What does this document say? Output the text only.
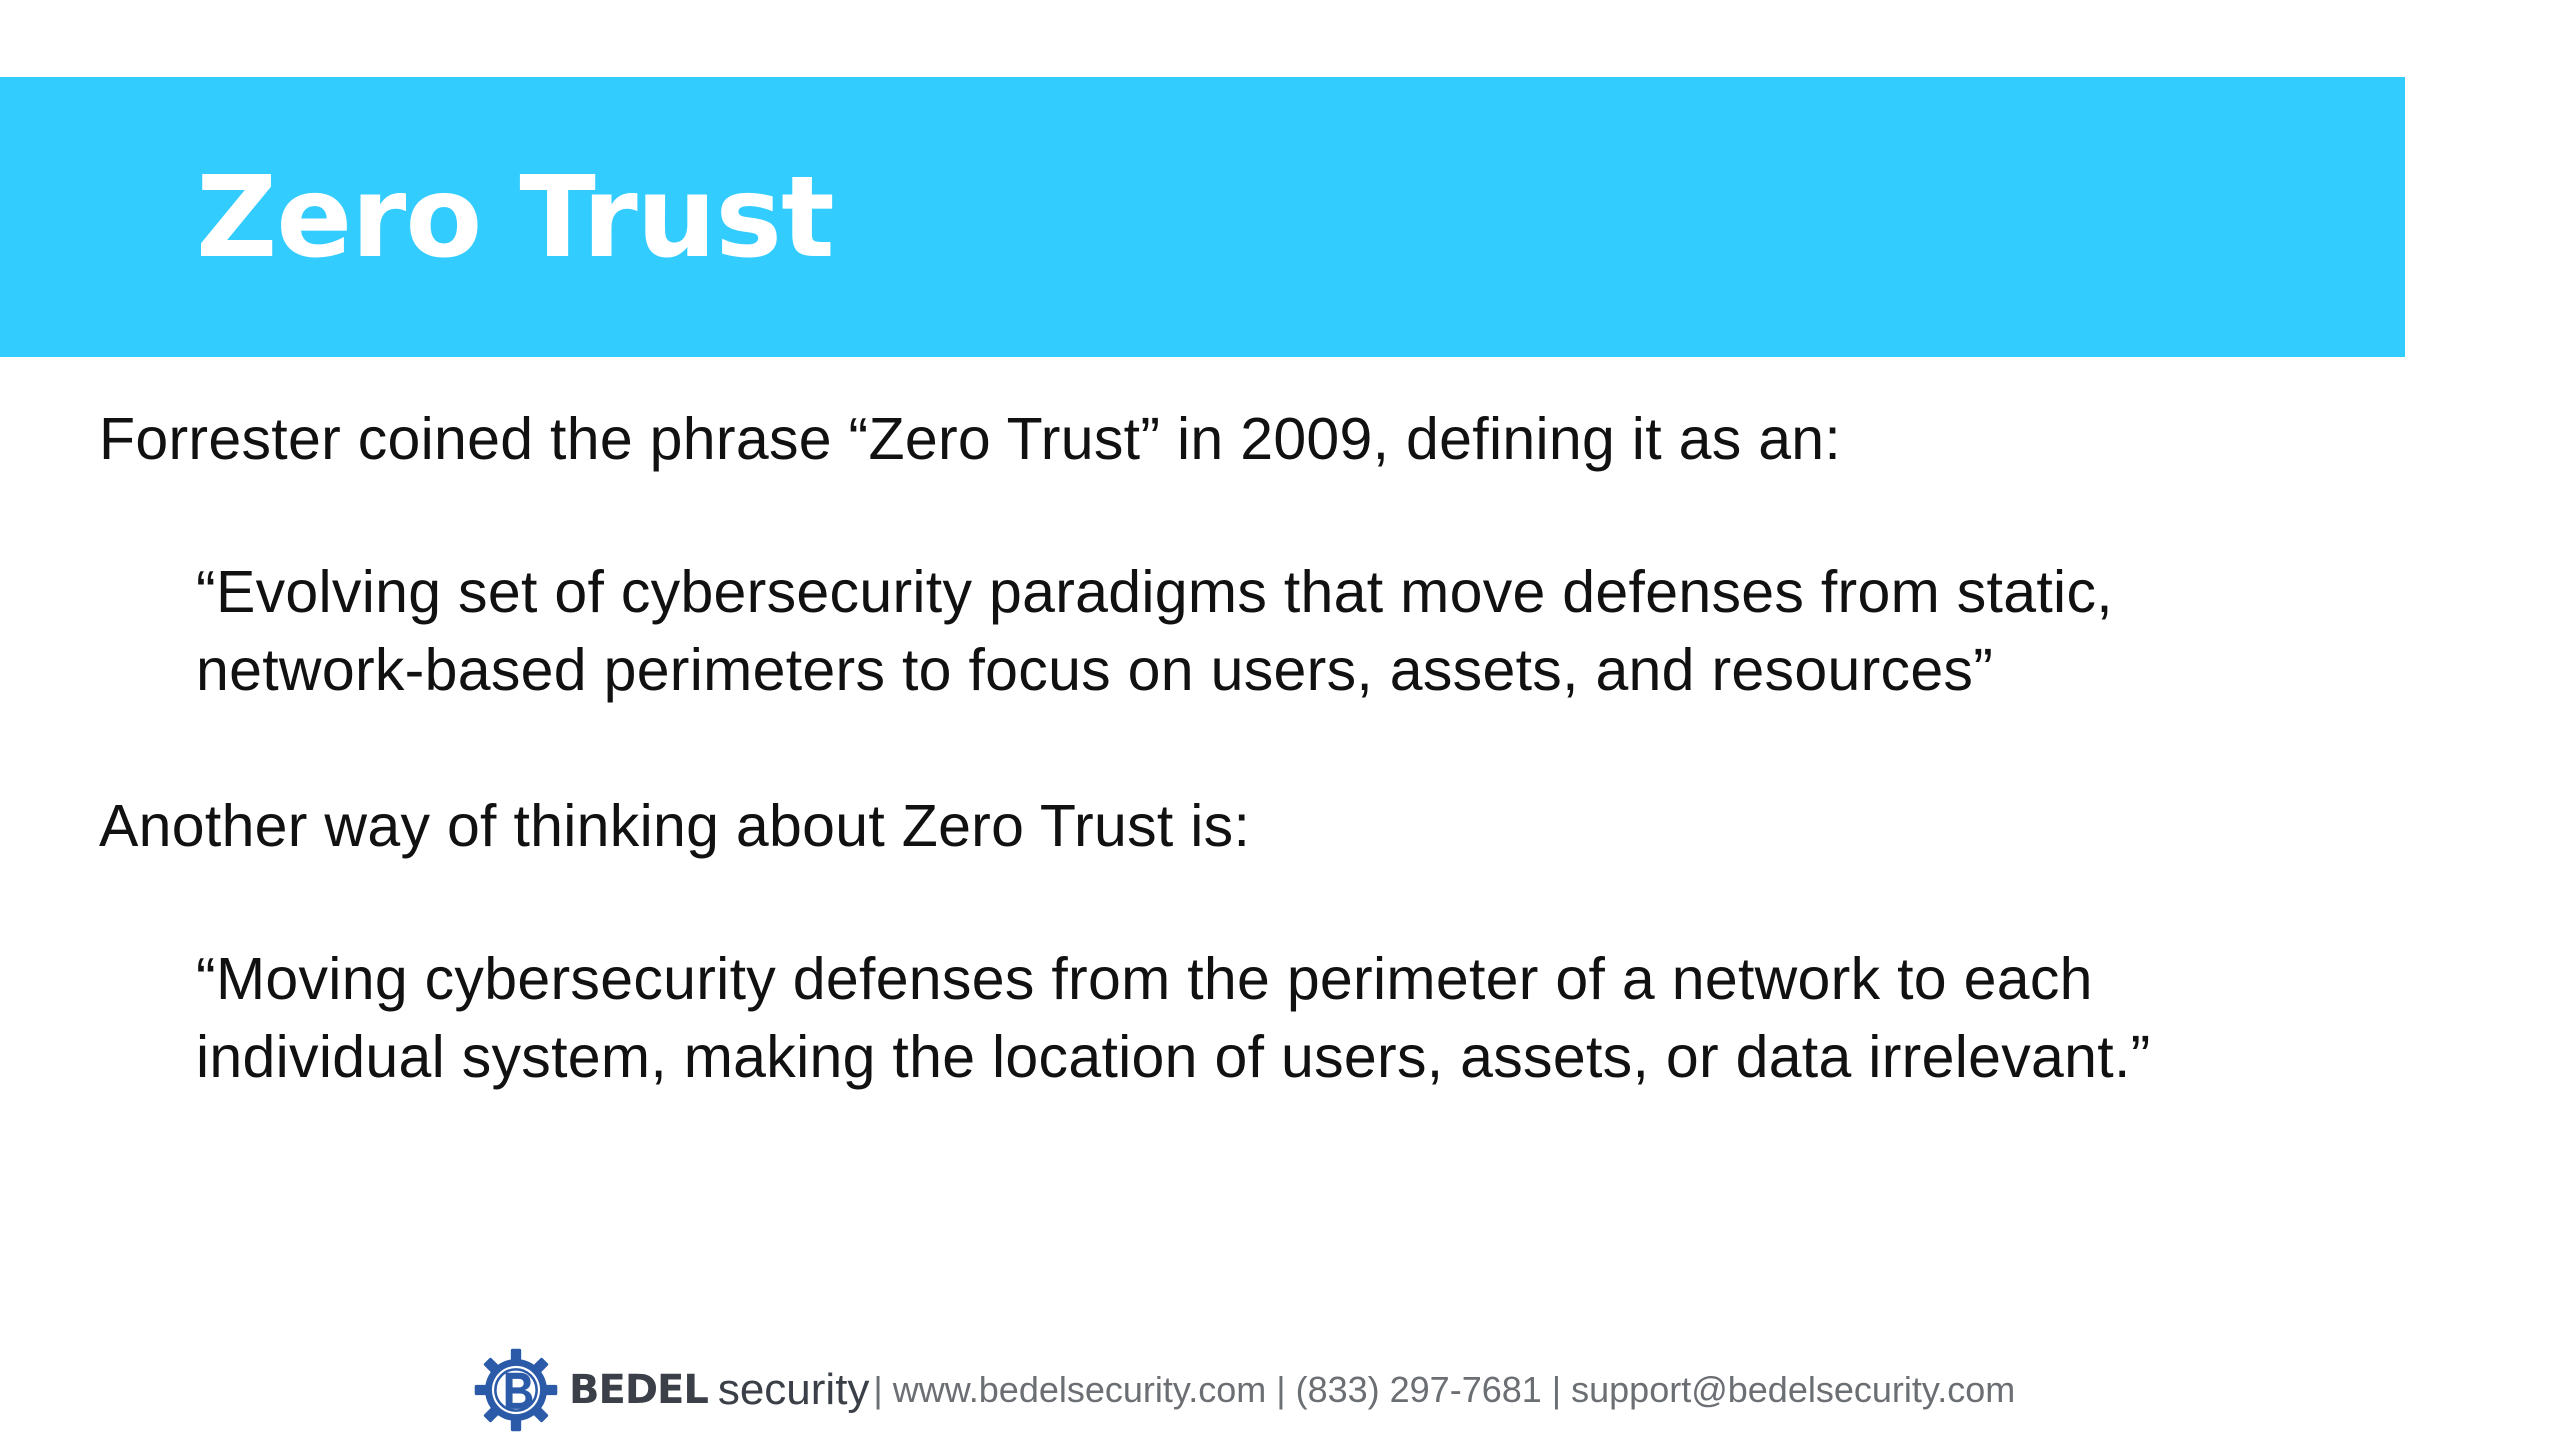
Zero Trust

Forrester coined the phrase “Zero Trust” in 2009, defining it as an:

“Evolving set of cybersecurity paradigms that move defenses from static,
network-based perimeters to focus on users, assets, and resources”

Another way of thinking about Zero Trust is:

“Moving cybersecurity defenses from the perimeter of a network to each
individual system, making the location of users, assets, or data irrelevant.”

BEDEL security | www.bedelsecurity.com | (833) 297-7681 | support@bedelsecurity.com
